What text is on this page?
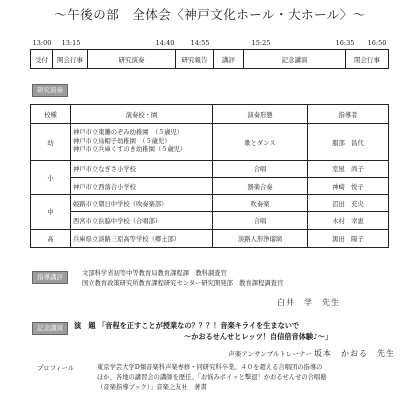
〜午後の部　全体会〈神戸文化ホール・大ホール〉〜
13:00 13:15	14:40	14:55	15:25	16:35 16:50
受付	開会行事	研究演奏	研究報告	講評	記念講演	閉会行事
研究演奏
校種	演奏校・園	演奏形態	指導者
幼	神戸市立東灘のぞみ幼稚園　（５歳児）
神戸市立烏帽子幼稚園　（５歳児）
神戸市立兵庫くすのき幼稚園（５歳児）	歌とダンス	服部　昌代
小	神戸市立なぎさ小学校	合唱	室屋　尚子
	神戸市立西落合小学校	器楽合奏	神崎　悦子
中	姫路市立朝日中学校（吹奏楽部）	吹奏楽	沼田　充央
	西宮市立浜脇中学校（合唱部）	合唱	木村　幸恵
高	兵庫県立淡路三原高等学校（郷土部）	淡路人形浄瑠璃	黒田　陽子
指導講評	文部科学省初等中等教育局教育課程課　教科調査官
国立教育政策研究所教育課程研究センター研究開発部　教育課程調査官
白井　学　先生
記念講演	演　題 「音程を正すことが授業なの？？？！音楽キライを生まないで
〜かおるせんせとレッツ！自信倍音体験♪〜」
声楽アンサンブルトレーナー 坂本　かおる　先生
プロフィール	東京学芸大学D類音楽科声楽専修・同研究科卒業。４０を超える合唱団の指導の
ほか、各地の講習会の講師を歴任。「お悩みポイッと撃退！かおるせんせの合唱塾
（音楽指導ブック）」音楽之友社　著書
